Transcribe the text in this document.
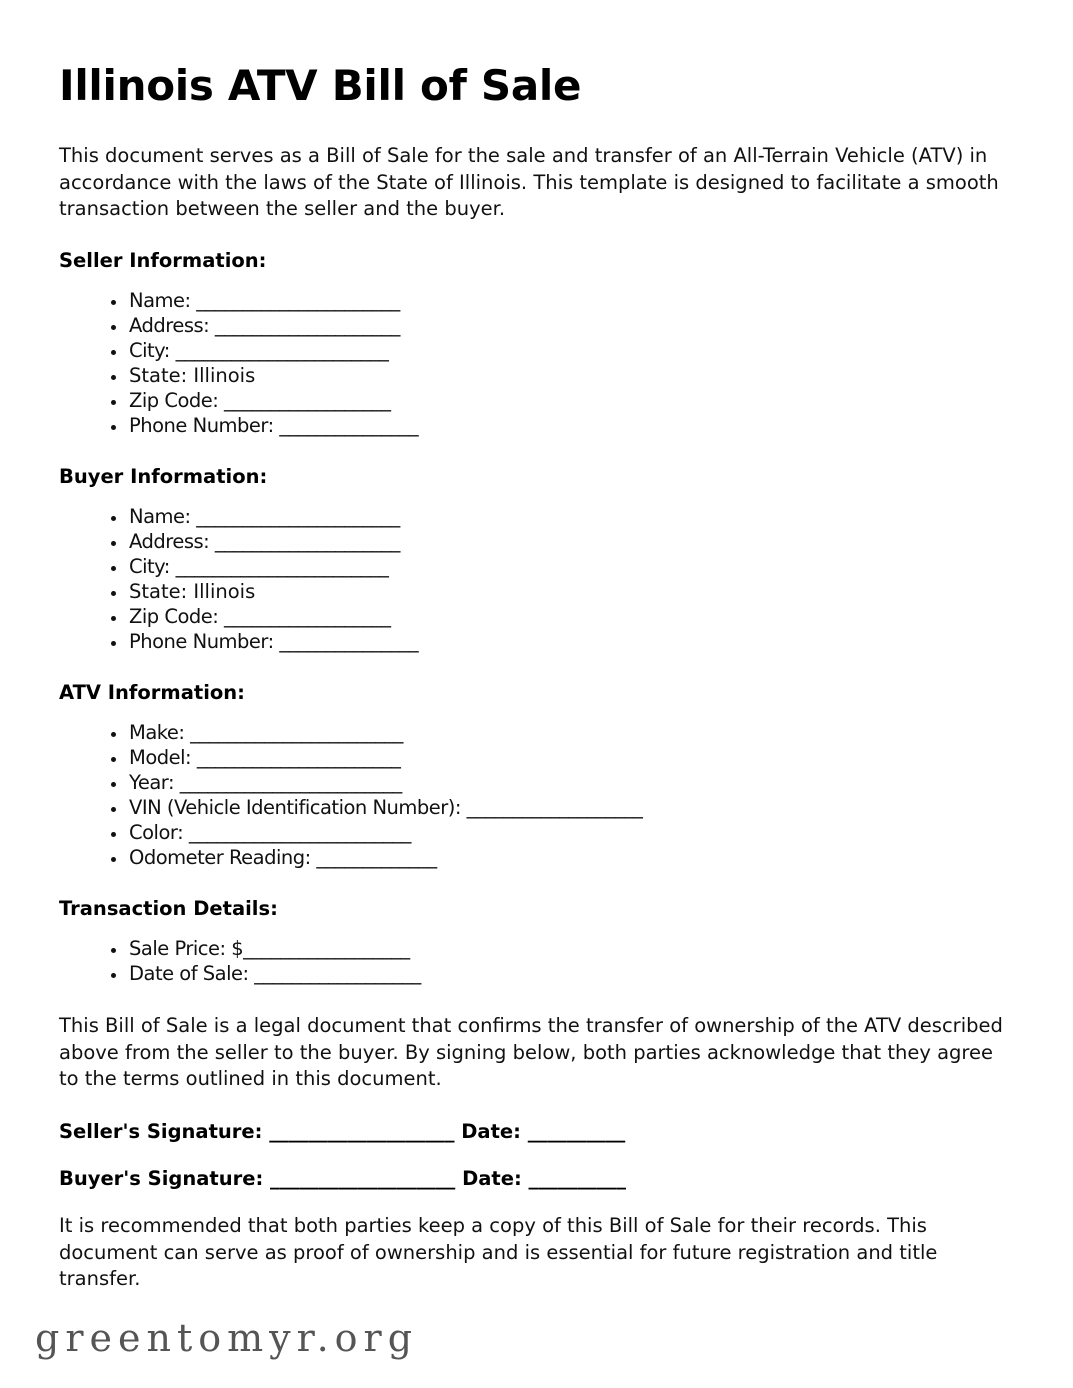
Illinois ATV Bill of Sale

This document serves as a Bill of Sale for the sale and transfer of an All-Terrain Vehicle (ATV) in accordance with the laws of the State of Illinois. This template is designed to facilitate a smooth transaction between the seller and the buyer.

Seller Information:
Name: ______________________
Address: ____________________
City: _______________________
State: Illinois
Zip Code: __________________
Phone Number: _______________
Buyer Information:
Name: ______________________
Address: ____________________
City: _______________________
State: Illinois
Zip Code: __________________
Phone Number: _______________
ATV Information:
Make: _______________________
Model: ______________________
Year: ________________________
VIN (Vehicle Identification Number): ___________________
Color: ________________________
Odometer Reading: _____________
Transaction Details:
Sale Price: $__________________
Date of Sale: __________________

This Bill of Sale is a legal document that confirms the transfer of ownership of the ATV described above from the seller to the buyer. By signing below, both parties acknowledge that they agree to the terms outlined in this document.

Seller's Signature: ___________________ Date: __________

Buyer's Signature: ___________________ Date: __________

It is recommended that both parties keep a copy of this Bill of Sale for their records. This document can serve as proof of ownership and is essential for future registration and title transfer.

greentomyr.org
